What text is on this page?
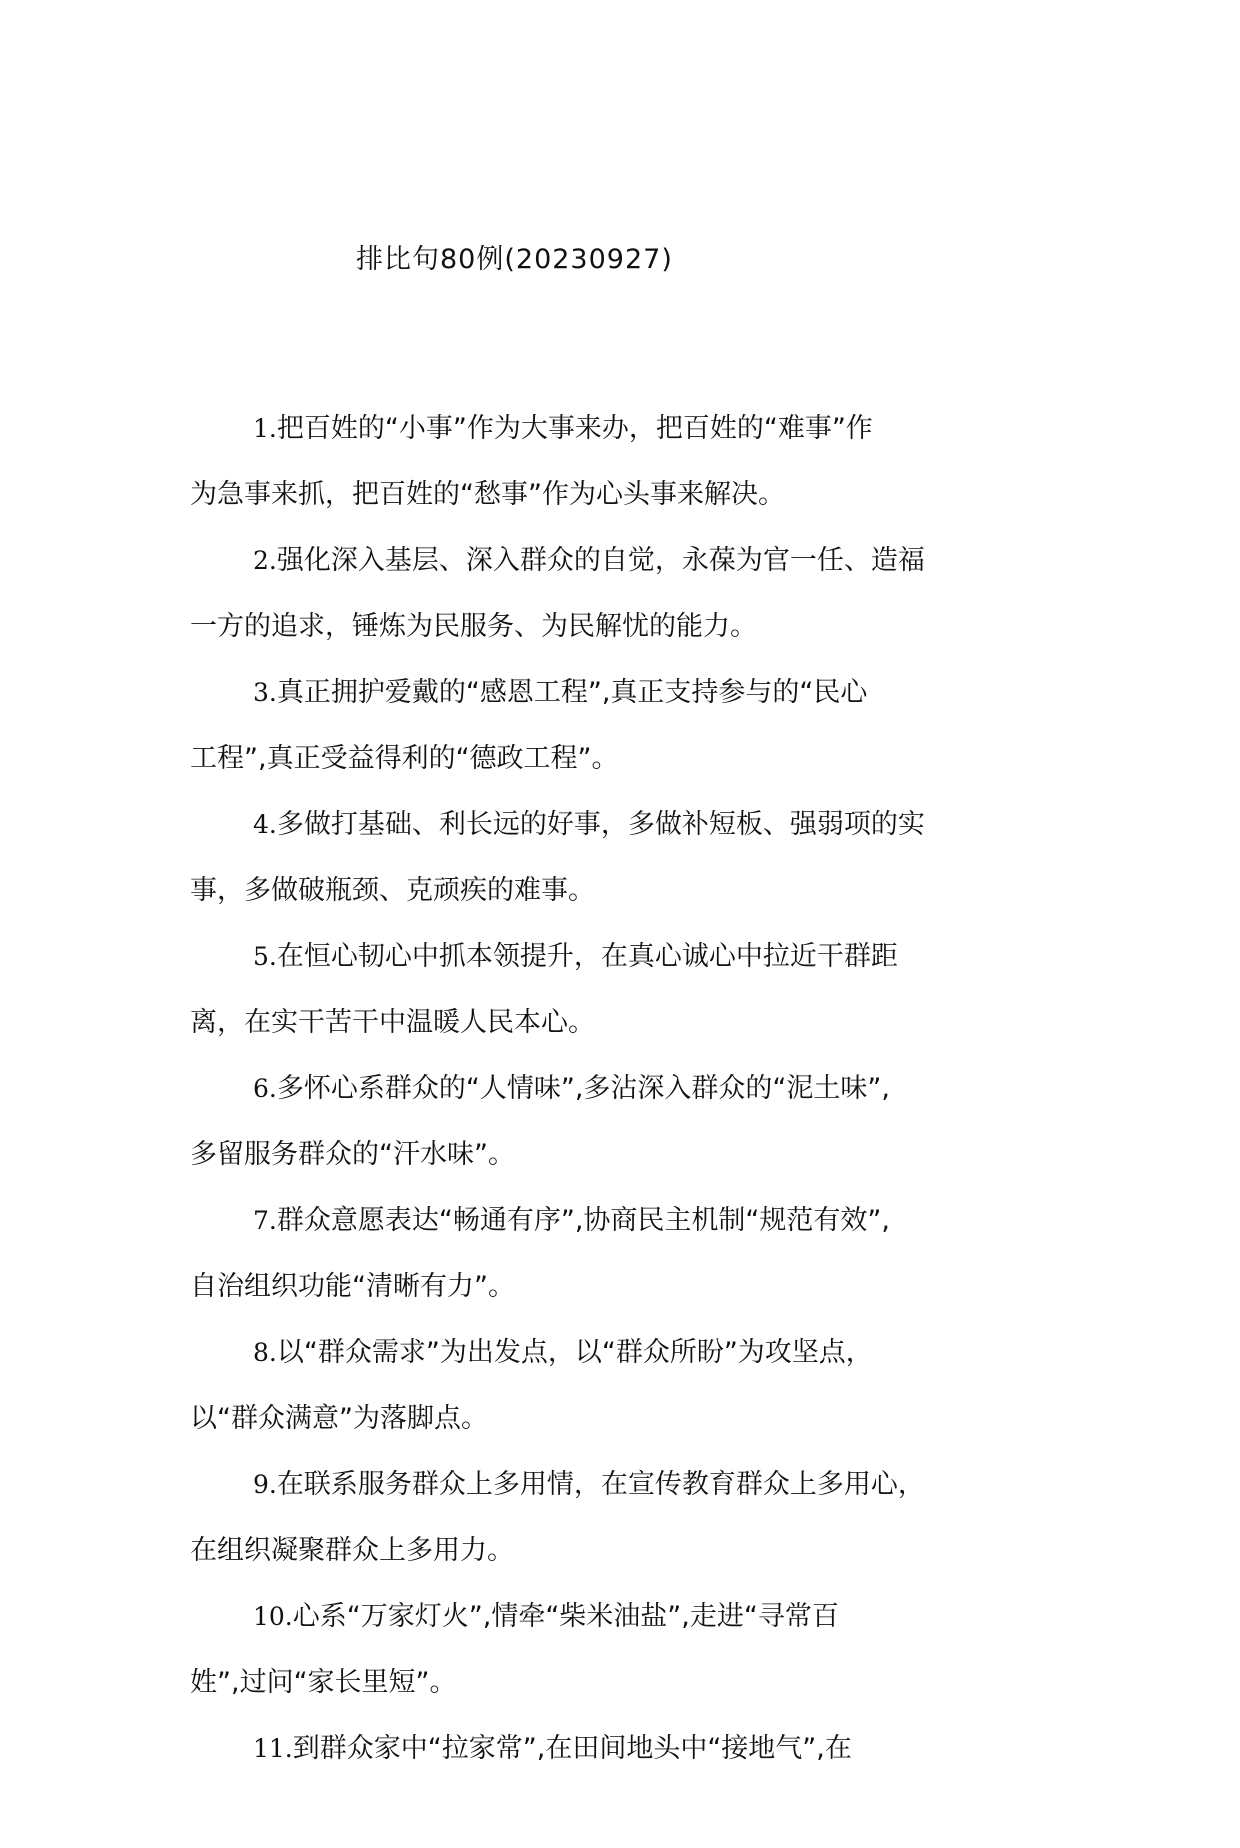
排比句80例(20230927)
1.把百姓的“小事”作为大事来办，把百姓的“难事”作
为急事来抓，把百姓的“愁事”作为心头事来解决。
2.强化深入基层、深入群众的自觉，永葆为官一任、造福
一方的追求，锤炼为民服务、为民解忧的能力。
3.真正拥护爱戴的“感恩工程”,真正支持参与的“民心
工程”,真正受益得利的“德政工程”。
4.多做打基础、利长远的好事，多做补短板、强弱项的实
事，多做破瓶颈、克顽疾的难事。
5.在恒心韧心中抓本领提升，在真心诚心中拉近干群距
离，在实干苦干中温暖人民本心。
6.多怀心系群众的“人情味”,多沾深入群众的“泥土味”,
多留服务群众的“汗水味”。
7.群众意愿表达“畅通有序”,协商民主机制“规范有效”,
自治组织功能“清晰有力”。
8.以“群众需求”为出发点，以“群众所盼”为攻坚点，
以“群众满意”为落脚点。
9.在联系服务群众上多用情，在宣传教育群众上多用心，
在组织凝聚群众上多用力。
10.心系“万家灯火”,情牵“柴米油盐”,走进“寻常百
姓”,过问“家长里短”。
11.到群众家中“拉家常”,在田间地头中“接地气”,在
